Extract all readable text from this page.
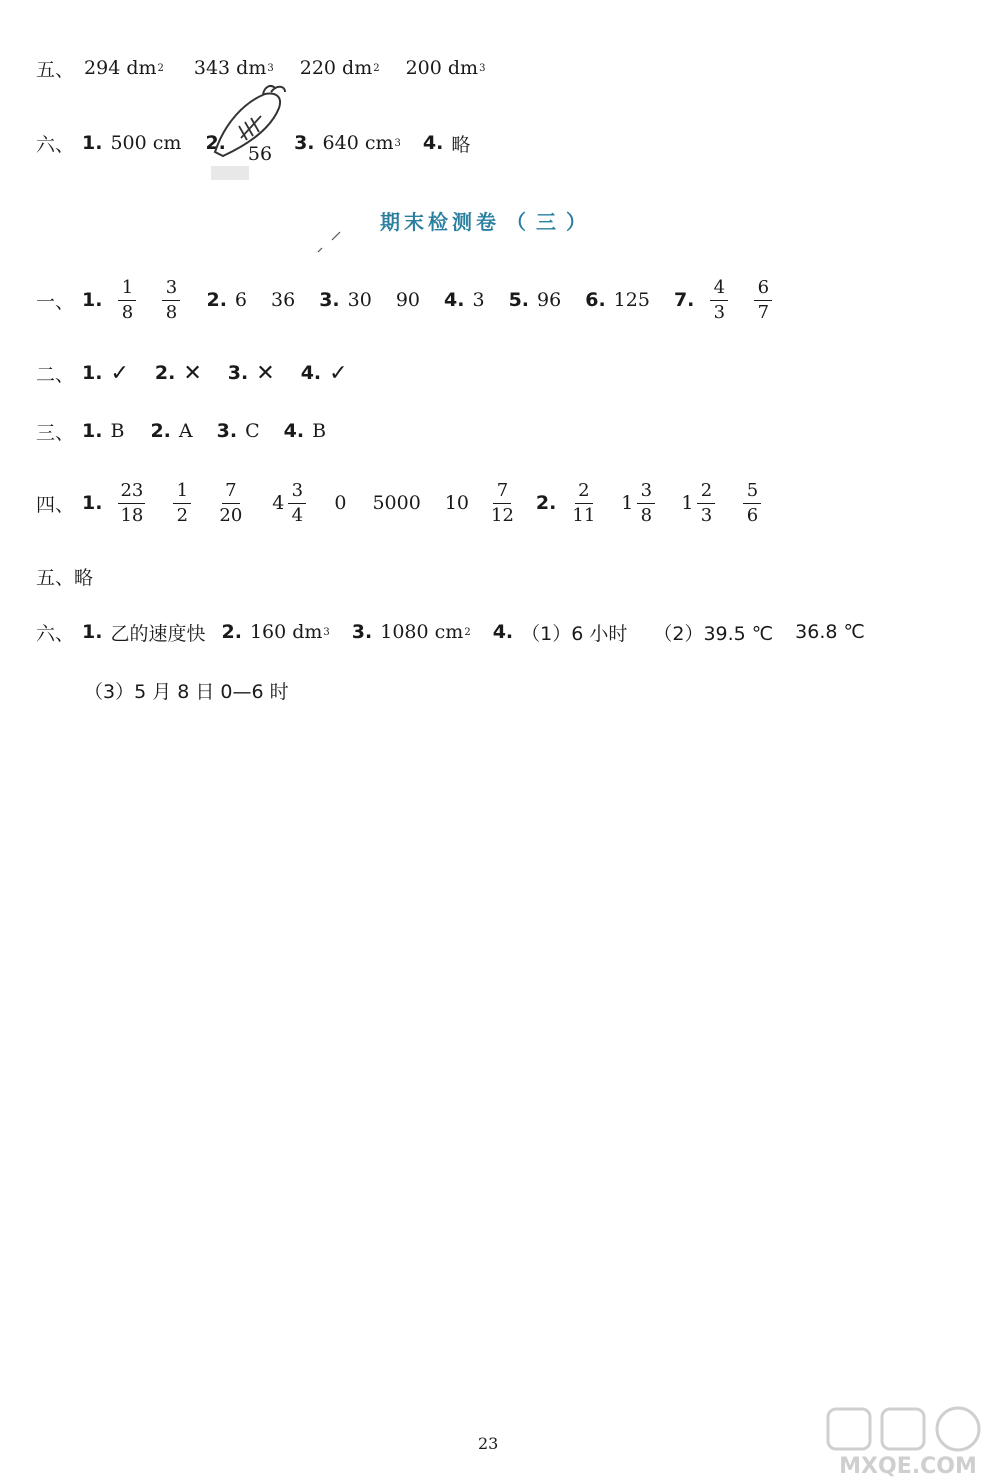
五、 294 dm 2 343 dm 3 220 dm 2 200 dm 3
六、 1. 500 cm 2. 56 3. 640 cm 3 4. 略
期末检测卷 （三）
一、 1. $\frac{1}{8} \frac{3}{8} 2$. 6 36 3. 30 90 4. 3 5. 96 6. 125 7. $\frac{4}{3} \frac{6}{7}$
二、 1. ✓ 2. ✕ 3. ✕ 4. ✓
三、 1. B 2. A 3. C 4. B
四、 1. $\frac{23}{18} \frac{1}{2} \frac{7}{20} 4 \frac{3}{4} 0$ 5000 $10 \frac{7}{12} 2$. $\frac{2}{11} 1 \frac{3}{8} 1 \frac{2}{3} \frac{5}{6}$
五、 略
六、 1. 乙的速度快 2. 160 dm 3 3. 1080 cm 2 4. （1）6 小时 （2）39.5 ℃ 36.8 ℃
（3）5 月 8 日 0—6 时
23
MXQE.COM
